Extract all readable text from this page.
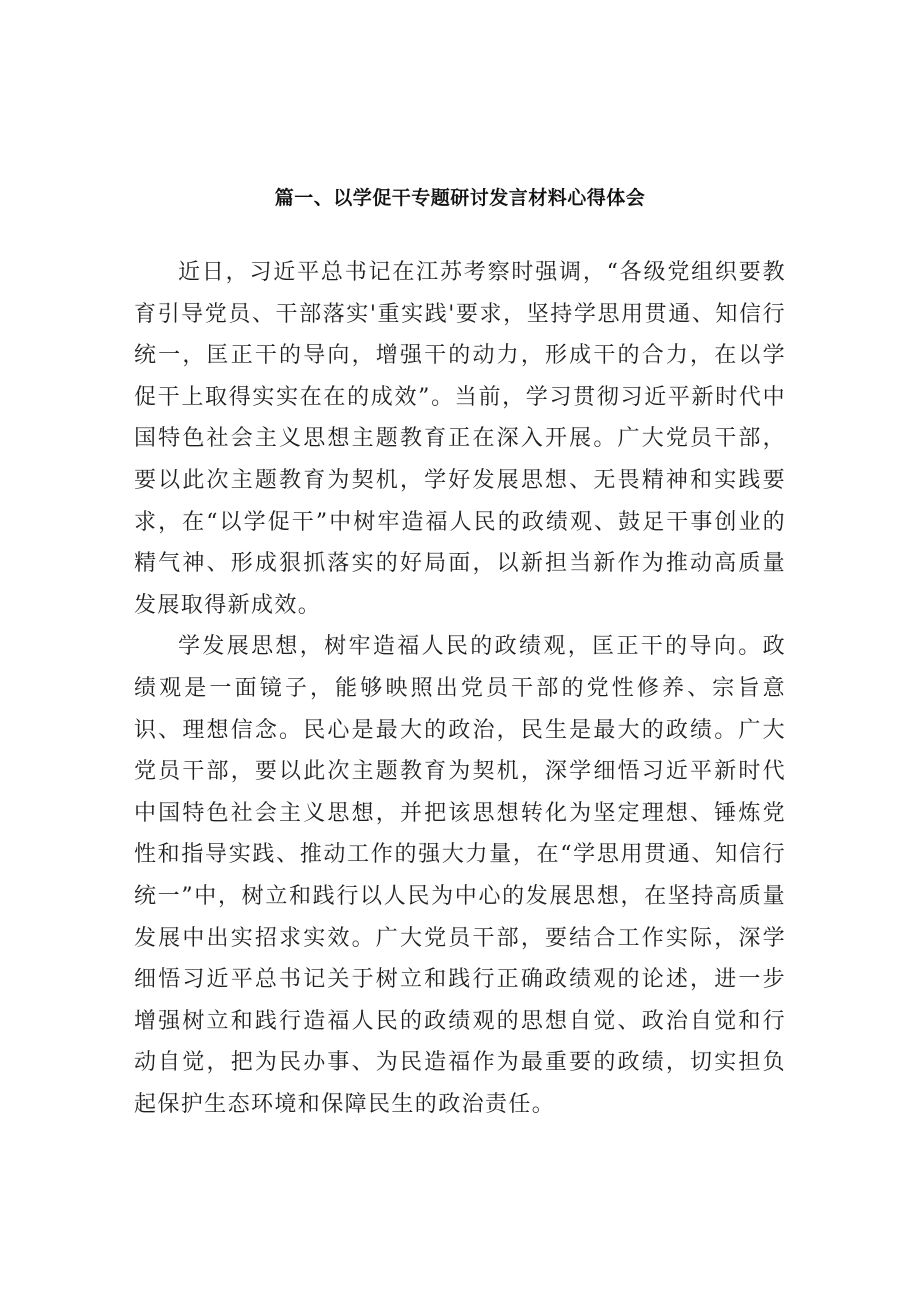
篇一、以学促干专题研讨发言材料心得体会

近日，习近平总书记在江苏考察时强调，“各级党组织要教育引导党员、干部落实'重实践'要求，坚持学思用贯通、知信行统一，匡正干的导向，增强干的动力，形成干的合力，在以学促干上取得实实在在的成效”。当前，学习贯彻习近平新时代中国特色社会主义思想主题教育正在深入开展。广大党员干部，要以此次主题教育为契机，学好发展思想、无畏精神和实践要求，在“以学促干”中树牢造福人民的政绩观、鼓足干事创业的精气神、形成狠抓落实的好局面，以新担当新作为推动高质量发展取得新成效。

学发展思想，树牢造福人民的政绩观，匡正干的导向。政绩观是一面镜子，能够映照出党员干部的党性修养、宗旨意识、理想信念。民心是最大的政治，民生是最大的政绩。广大党员干部，要以此次主题教育为契机，深学细悟习近平新时代中国特色社会主义思想，并把该思想转化为坚定理想、锤炼党性和指导实践、推动工作的强大力量，在“学思用贯通、知信行统一”中，树立和践行以人民为中心的发展思想，在坚持高质量发展中出实招求实效。广大党员干部，要结合工作实际，深学细悟习近平总书记关于树立和践行正确政绩观的论述，进一步增强树立和践行造福人民的政绩观的思想自觉、政治自觉和行动自觉，把为民办事、为民造福作为最重要的政绩，切实担负起保护生态环境和保障民生的政治责任。
